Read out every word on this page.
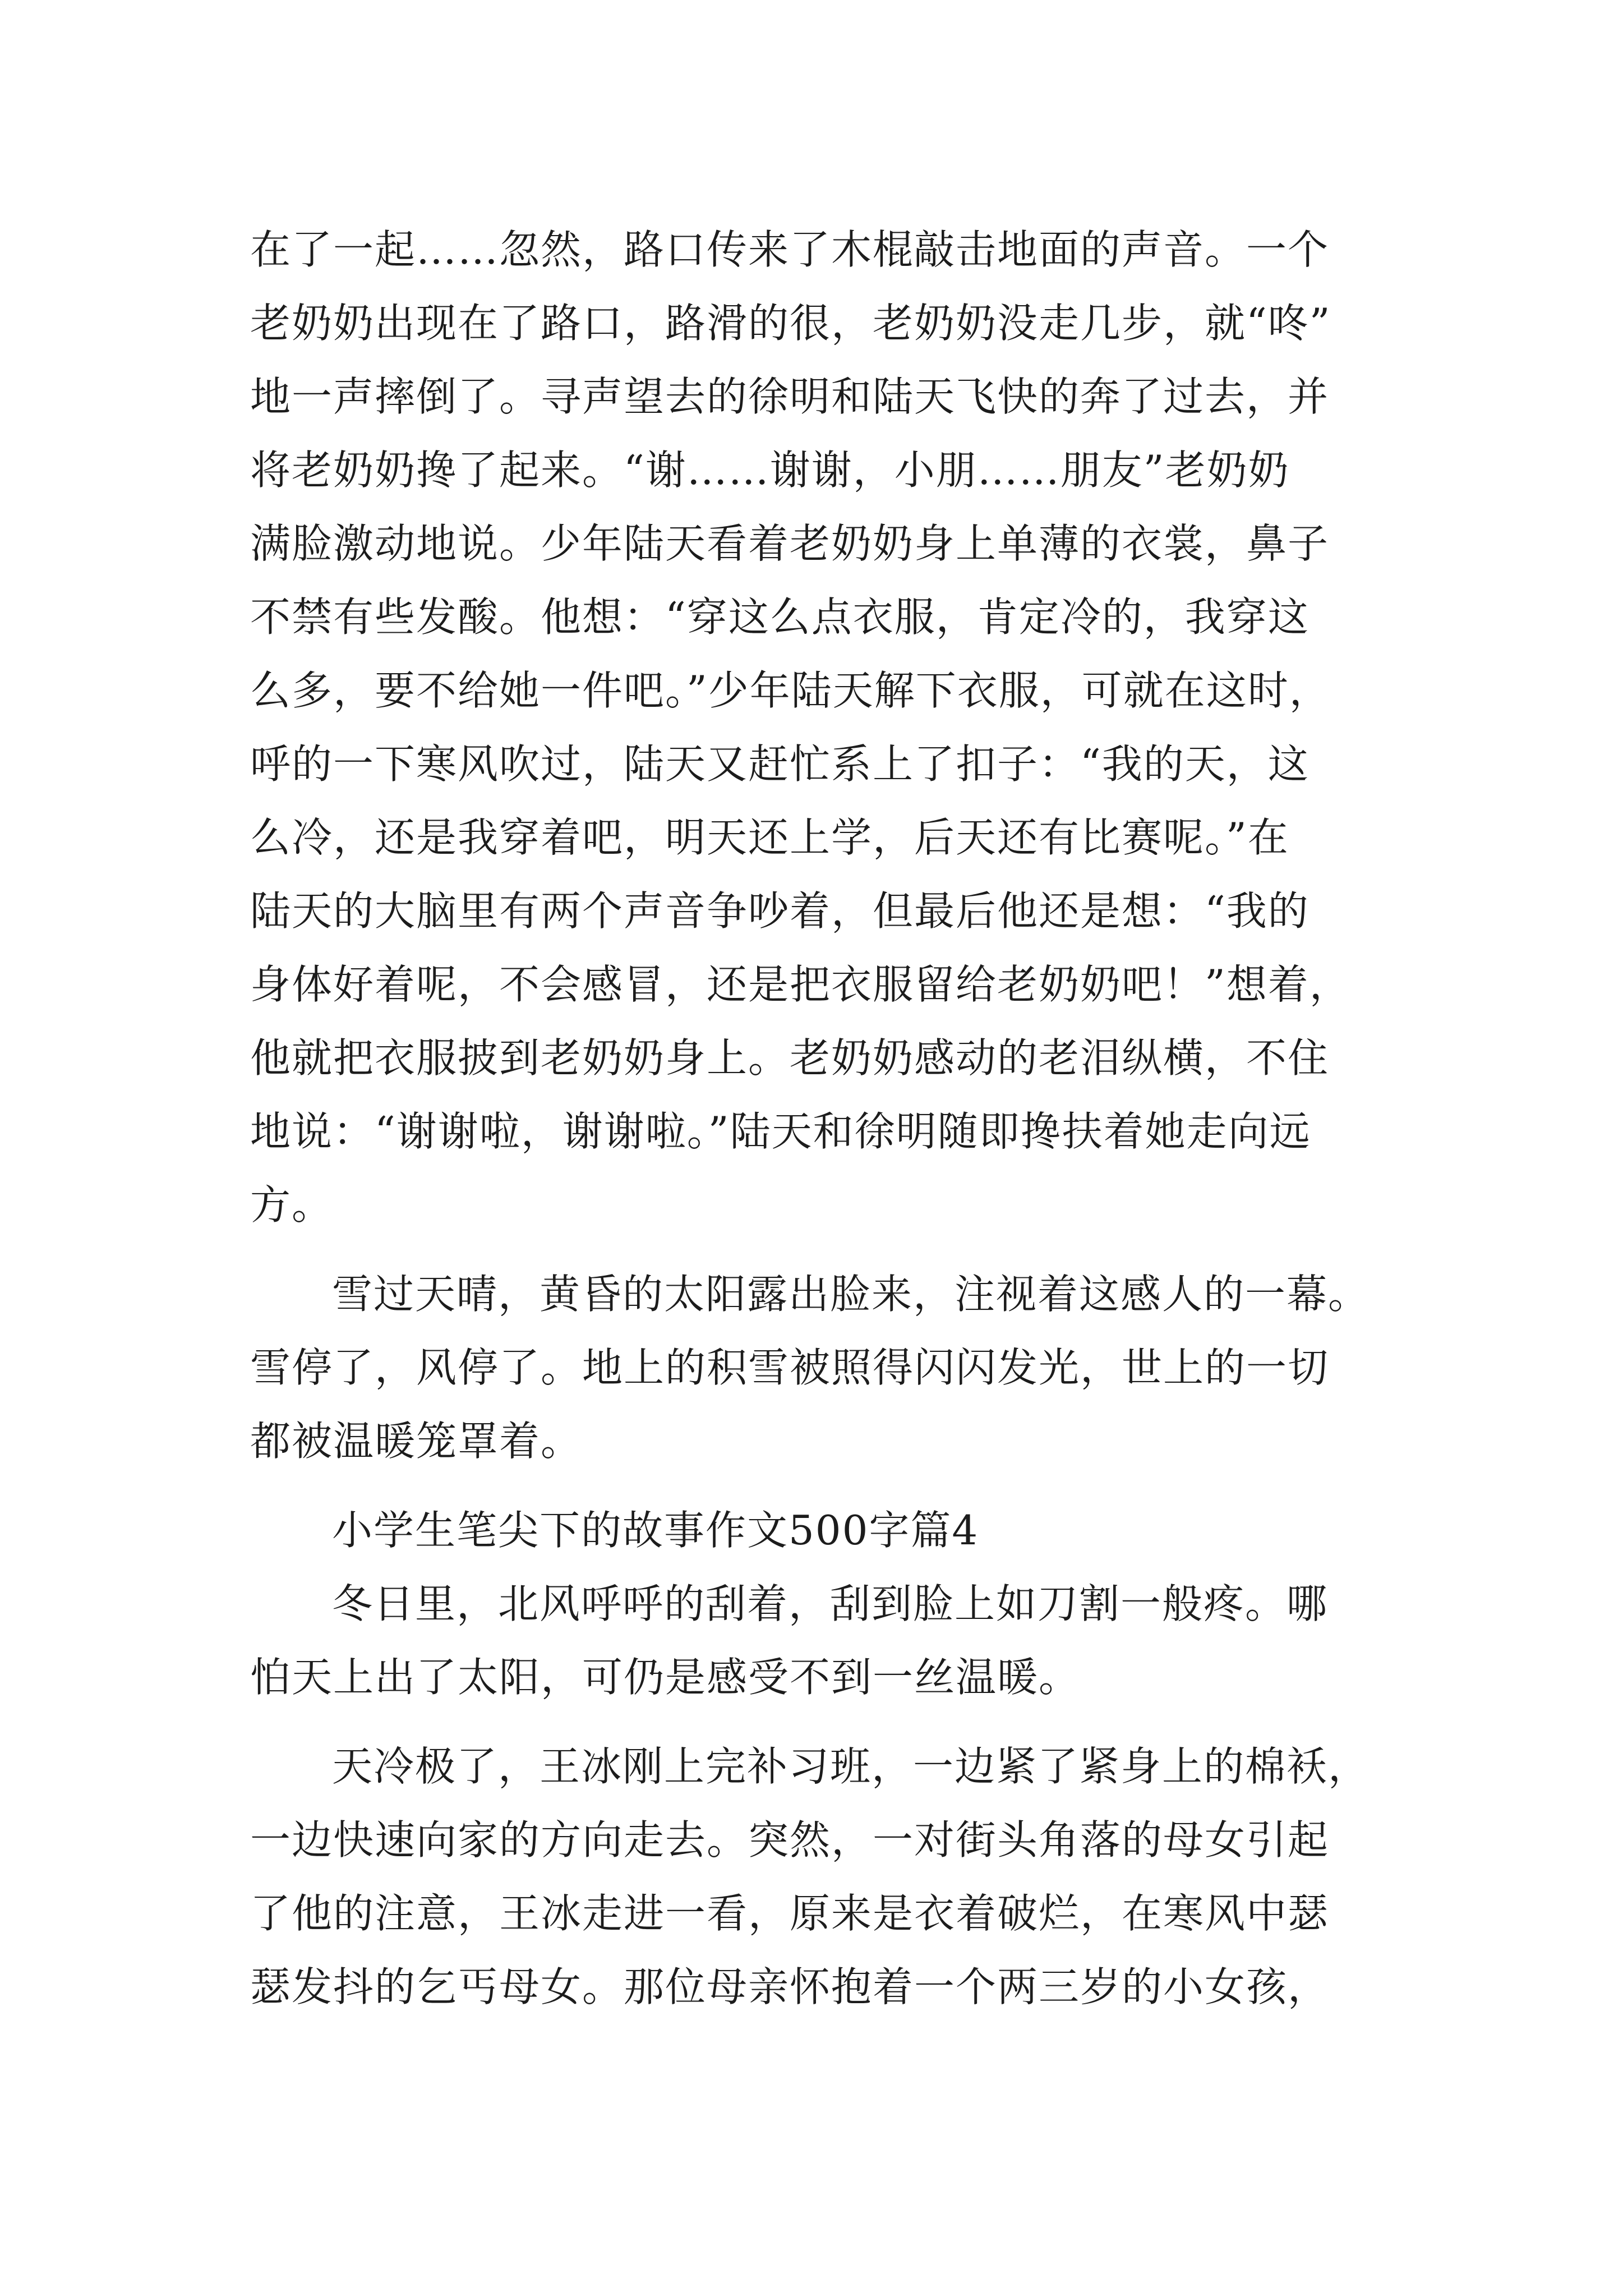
在了一起……忽然，路口传来了木棍敲击地面的声音。一个
老奶奶出现在了路口，路滑的很，老奶奶没走几步，就“咚”
地一声摔倒了。寻声望去的徐明和陆天飞快的奔了过去，并
将老奶奶搀了起来。“谢……谢谢，小朋……朋友”老奶奶
满脸激动地说。少年陆天看着老奶奶身上单薄的衣裳，鼻子
不禁有些发酸。他想：“穿这么点衣服，肯定冷的，我穿这
么多，要不给她一件吧。”少年陆天解下衣服，可就在这时，
呼的一下寒风吹过，陆天又赶忙系上了扣子：“我的天，这
么冷，还是我穿着吧，明天还上学，后天还有比赛呢。”在
陆天的大脑里有两个声音争吵着，但最后他还是想：“我的
身体好着呢，不会感冒，还是把衣服留给老奶奶吧！”想着，
他就把衣服披到老奶奶身上。老奶奶感动的老泪纵横，不住
地说：“谢谢啦，谢谢啦。”陆天和徐明随即搀扶着她走向远
方。
雪过天晴，黄昏的太阳露出脸来，注视着这感人的一幕。
雪停了，风停了。地上的积雪被照得闪闪发光，世上的一切
都被温暖笼罩着。
小学生笔尖下的故事作文500字篇4
冬日里，北风呼呼的刮着，刮到脸上如刀割一般疼。哪
怕天上出了太阳，可仍是感受不到一丝温暖。
天冷极了，王冰刚上完补习班，一边紧了紧身上的棉袄，
一边快速向家的方向走去。突然，一对街头角落的母女引起
了他的注意，王冰走进一看，原来是衣着破烂，在寒风中瑟
瑟发抖的乞丐母女。那位母亲怀抱着一个两三岁的小女孩，
